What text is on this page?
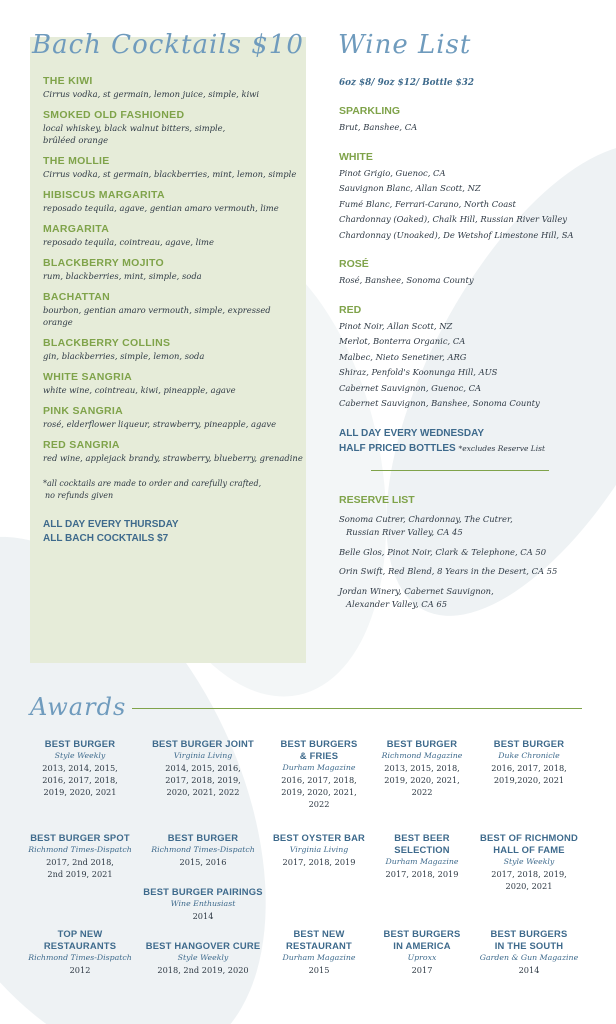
Bach Cocktails $10
THE KIWI
Cirrus vodka, st germain, lemon juice, simple, kiwi
SMOKED OLD FASHIONED
local whiskey, black walnut bitters, simple, brûléed orange
THE MOLLIE
Cirrus vodka, st germain, blackberries, mint, lemon, simple
HIBISCUS MARGARITA
reposado tequila, agave, gentian amaro vermouth, lime
MARGARITA
reposado tequila, cointreau, agave, lime
BLACKBERRY MOJITO
rum, blackberries, mint, simple, soda
BACHATTAN
bourbon, gentian amaro vermouth, simple, expressed orange
BLACKBERRY COLLINS
gin, blackberries, simple, lemon, soda
WHITE SANGRIA
white wine, cointreau, kiwi, pineapple, agave
PINK SANGRIA
rosé, elderflower liqueur, strawberry, pineapple, agave
RED SANGRIA
red wine, applejack brandy, strawberry, blueberry, grenadine
*all cocktails are made to order and carefully crafted,
no refunds given
ALL DAY EVERY THURSDAY
ALL BACH COCKTAILS $7
Wine List
6oz $8/ 9oz $12/ Bottle $32
SPARKLING
Brut, Banshee, CA
WHITE
Pinot Grigio, Guenoc, CA
Sauvignon Blanc, Allan Scott, NZ
Fumé Blanc, Ferrari-Carano, North Coast
Chardonnay (Oaked), Chalk Hill, Russian River Valley
Chardonnay (Unoaked), De Wetshof Limestone Hill, SA
ROSÉ
Rosé, Banshee, Sonoma County
RED
Pinot Noir, Allan Scott, NZ
Merlot, Bonterra Organic, CA
Malbec, Nieto Senetiner, ARG
Shiraz, Penfold's Koonunga Hill, AUS
Cabernet Sauvignon, Guenoc, CA
Cabernet Sauvignon, Banshee, Sonoma County
ALL DAY EVERY WEDNESDAY
HALF PRICED BOTTLES *excludes Reserve List
RESERVE LIST
Sonoma Cutrer, Chardonnay, The Cutrer,
Russian River Valley, CA 45
Belle Glos, Pinot Noir, Clark & Telephone, CA 50
Orin Swift, Red Blend, 8 Years in the Desert, CA 55
Jordan Winery, Cabernet Sauvignon,
Alexander Valley, CA 65
Awards
BEST BURGER
Style Weekly
2013, 2014, 2015,
2016, 2017, 2018,
2019, 2020, 2021
BEST BURGER JOINT
Virginia Living
2014, 2015, 2016,
2017, 2018, 2019,
2020, 2021, 2022
BEST BURGERS
& FRIES
Durham Magazine
2016, 2017, 2018,
2019, 2020, 2021,
2022
BEST BURGER
Richmond Magazine
2013, 2015, 2018,
2019, 2020, 2021,
2022
BEST BURGER
Duke Chronicle
2016, 2017, 2018,
2019,2020, 2021
BEST BURGER SPOT
Richmond Times-Dispatch
2017, 2nd 2018,
2nd 2019, 2021
BEST BURGER
Richmond Times-Dispatch
2015, 2016
BEST OYSTER BAR
Virginia Living
2017, 2018, 2019
BEST BEER
SELECTION
Durham Magazine
2017, 2018, 2019
BEST OF RICHMOND
HALL OF FAME
Style Weekly
2017, 2018, 2019,
2020, 2021
BEST BURGER PAIRINGS
Wine Enthusiast
2014
TOP NEW
RESTAURANTS
Richmond Times-Dispatch
2012
BEST HANGOVER CURE
Style Weekly
2018, 2nd 2019, 2020
BEST NEW
RESTAURANT
Durham Magazine
2015
BEST BURGERS
IN AMERICA
Uproxx
2017
BEST BURGERS
IN THE SOUTH
Garden & Gun Magazine
2014
